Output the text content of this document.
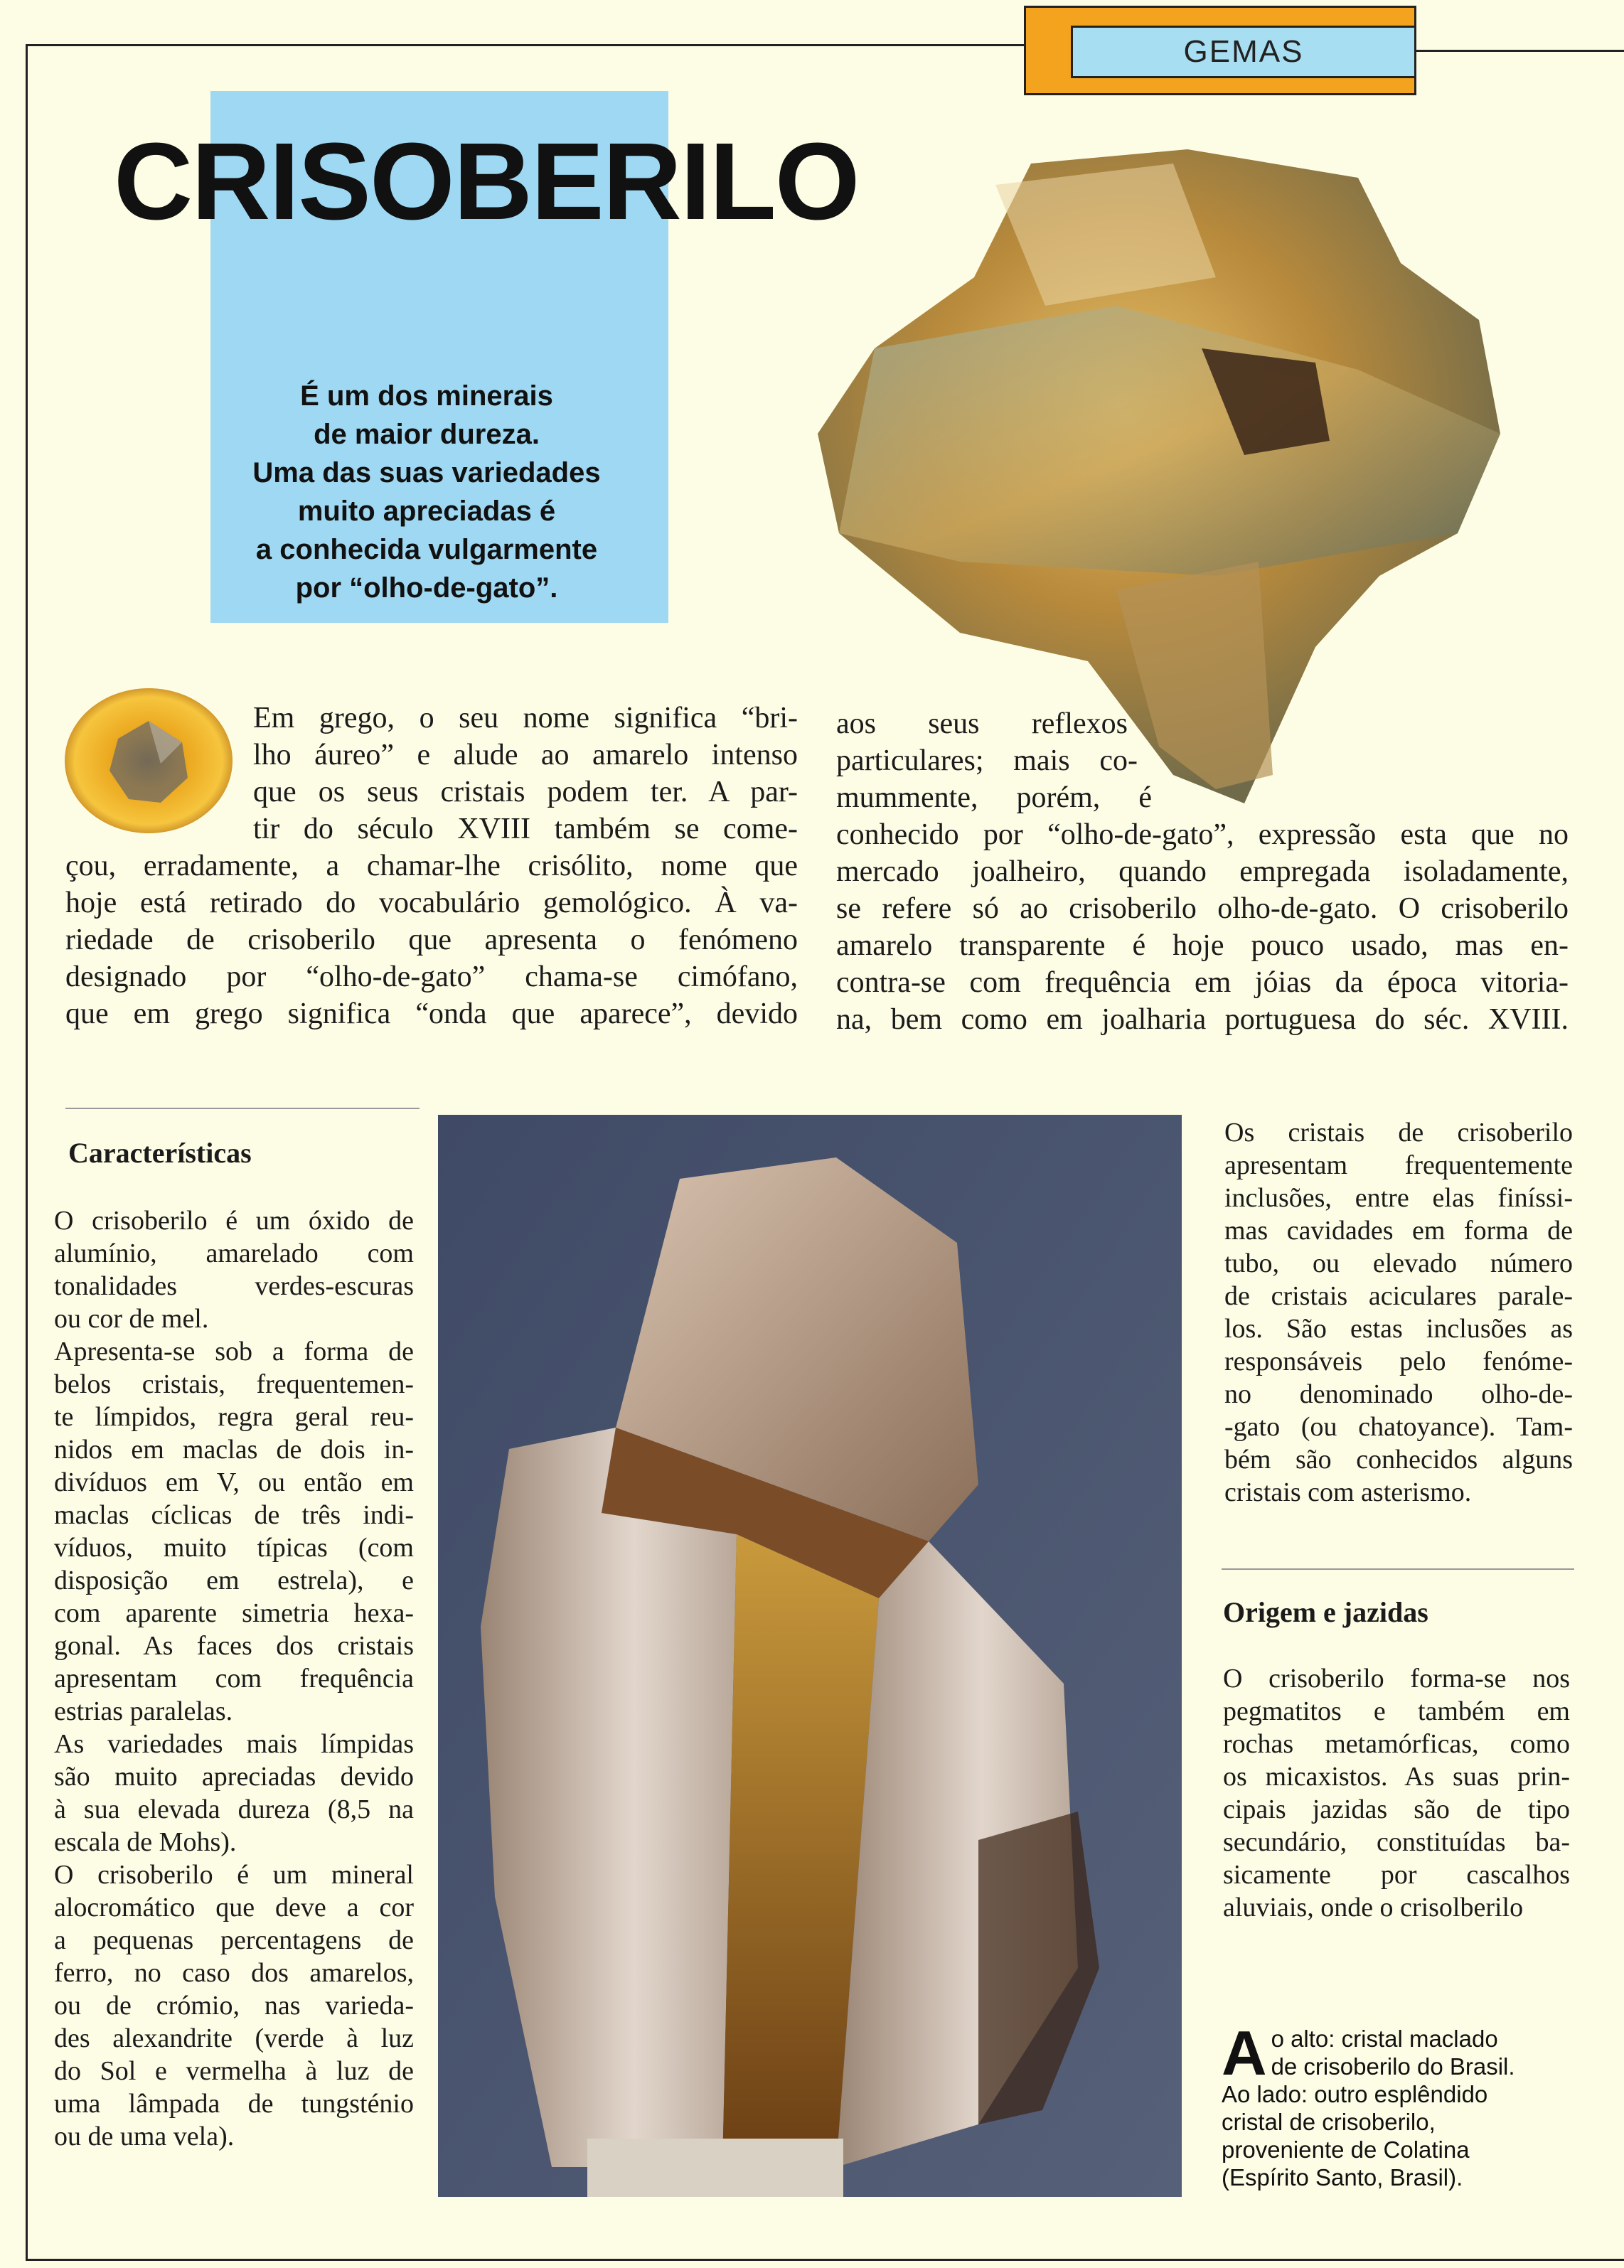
GEMAS
CRISOBERILO
É um dos minerais
de maior dureza.
Uma das suas variedades
muito apreciadas é
a conhecida vulgarmente
por “olho-de-gato”.
Em grego, o seu nome significa “bri-
lho áureo” e alude ao amarelo intenso
que os seus cristais podem ter. A par-
tir do século XVIII também se come-
çou, erradamente, a chamar-lhe crisólito, nome que
hoje está retirado do vocabulário gemológico. À va-
riedade de crisoberilo que apresenta o fenómeno
designado por “olho-de-gato” chama-se cimófano,
que em grego significa “onda que aparece”, devido
aos seus reflexos
particulares; mais co-
mummente, porém, é
conhecido por “olho-de-gato”, expressão esta que no
mercado joalheiro, quando empregada isoladamente,
se refere só ao crisoberilo olho-de-gato. O crisoberilo
amarelo transparente é hoje pouco usado, mas en-
contra-se com frequência em jóias da época vitoria-
na, bem como em joalharia portuguesa do séc. XVIII.
Características
O crisoberilo é um óxido de
alumínio, amarelado com
tonalidades verdes-escuras
ou cor de mel.
Apresenta-se sob a forma de
belos cristais, frequentemen-
te límpidos, regra geral reu-
nidos em maclas de dois in-
divíduos em V, ou então em
maclas cíclicas de três indi-
víduos, muito típicas (com
disposição em estrela), e
com aparente simetria hexa-
gonal. As faces dos cristais
apresentam com frequência
estrias paralelas.
As variedades mais límpidas
são muito apreciadas devido
à sua elevada dureza (8,5 na
escala de Mohs).
O crisoberilo é um mineral
alocromático que deve a cor
a pequenas percentagens de
ferro, no caso dos amarelos,
ou de crómio, nas varieda-
des alexandrite (verde à luz
do Sol e vermelha à luz de
uma lâmpada de tungsténio
ou de uma vela).
Os cristais de crisoberilo
apresentam frequentemente
inclusões, entre elas finíssi-
mas cavidades em forma de
tubo, ou elevado número
de cristais aciculares parale-
los. São estas inclusões as
responsáveis pelo fenóme-
no denominado olho-de-
-gato (ou chatoyance). Tam-
bém são conhecidos alguns
cristais com asterismo.
Origem e jazidas
O crisoberilo forma-se nos
pegmatitos e também em
rochas metamórficas, como
os micaxistos. As suas prin-
cipais jazidas são de tipo
secundário, constituídas ba-
sicamente por cascalhos
aluviais, onde o crisolberilo
A o alto: cristal maclado
de crisoberilo do Brasil.
Ao lado: outro esplêndido
cristal de crisoberilo,
proveniente de Colatina
(Espírito Santo, Brasil).
